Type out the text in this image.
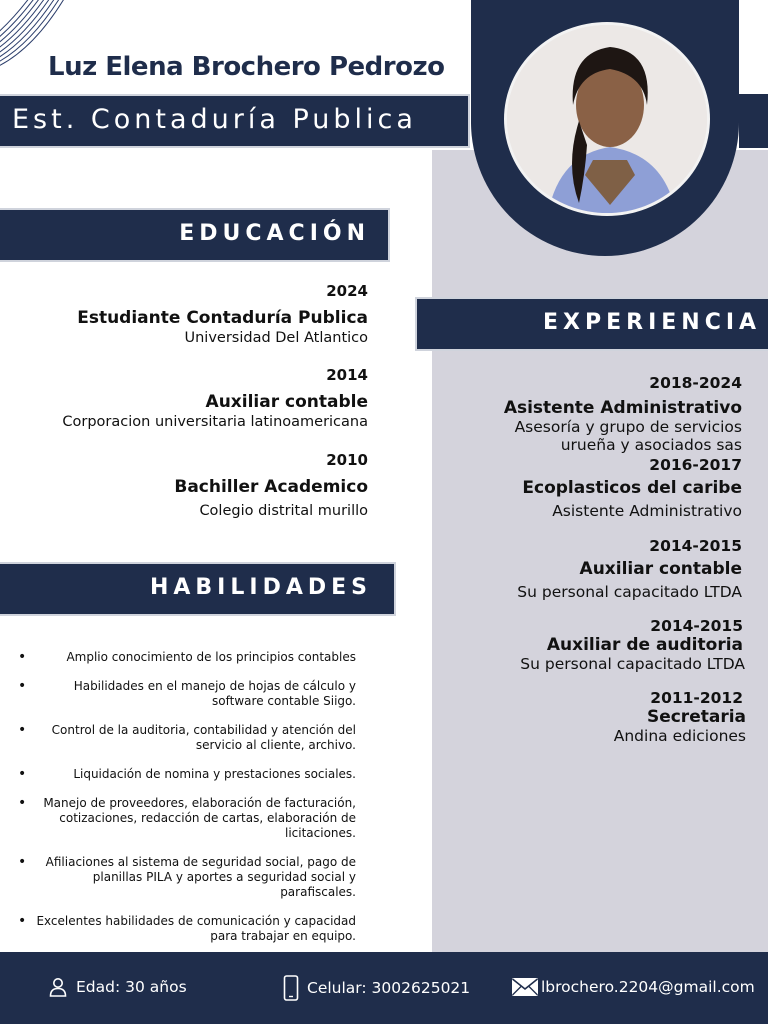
Luz Elena Brochero Pedrozo
Est. Contaduría Publica
EDUCACIÓN
2024
Estudiante Contaduría Publica
Universidad Del Atlantico
2014
Auxiliar contable
Corporacion universitaria latinoamericana
2010
Bachiller Academico
Colegio distrital murillo
HABILIDADES
• Amplio conocimiento de los principios contables
• Habilidades en el manejo de hojas de cálculo y software contable Siigo.
• Control de la auditoria, contabilidad y atención del servicio al cliente, archivo.
• Liquidación de nomina y prestaciones sociales.
• Manejo de proveedores, elaboración de facturación, cotizaciones, redacción de cartas, elaboración de licitaciones.
• Afiliaciones al sistema de seguridad social, pago de planillas PILA y aportes a seguridad social y parafiscales.
• Excelentes habilidades de comunicación y capacidad para trabajar en equipo.
EXPERIENCIA
2018-2024
Asistente Administrativo
Asesoría y grupo de servicios urueña y asociados sas
2016-2017
Ecoplasticos del caribe
Asistente Administrativo
2014-2015
Auxiliar contable
Su personal capacitado LTDA
2014-2015
Auxiliar de auditoria
Su personal capacitado LTDA
2011-2012
Secretaria
Andina ediciones
Edad: 30 años	Celular: 3002625021	lbrochero.2204@gmail.com
